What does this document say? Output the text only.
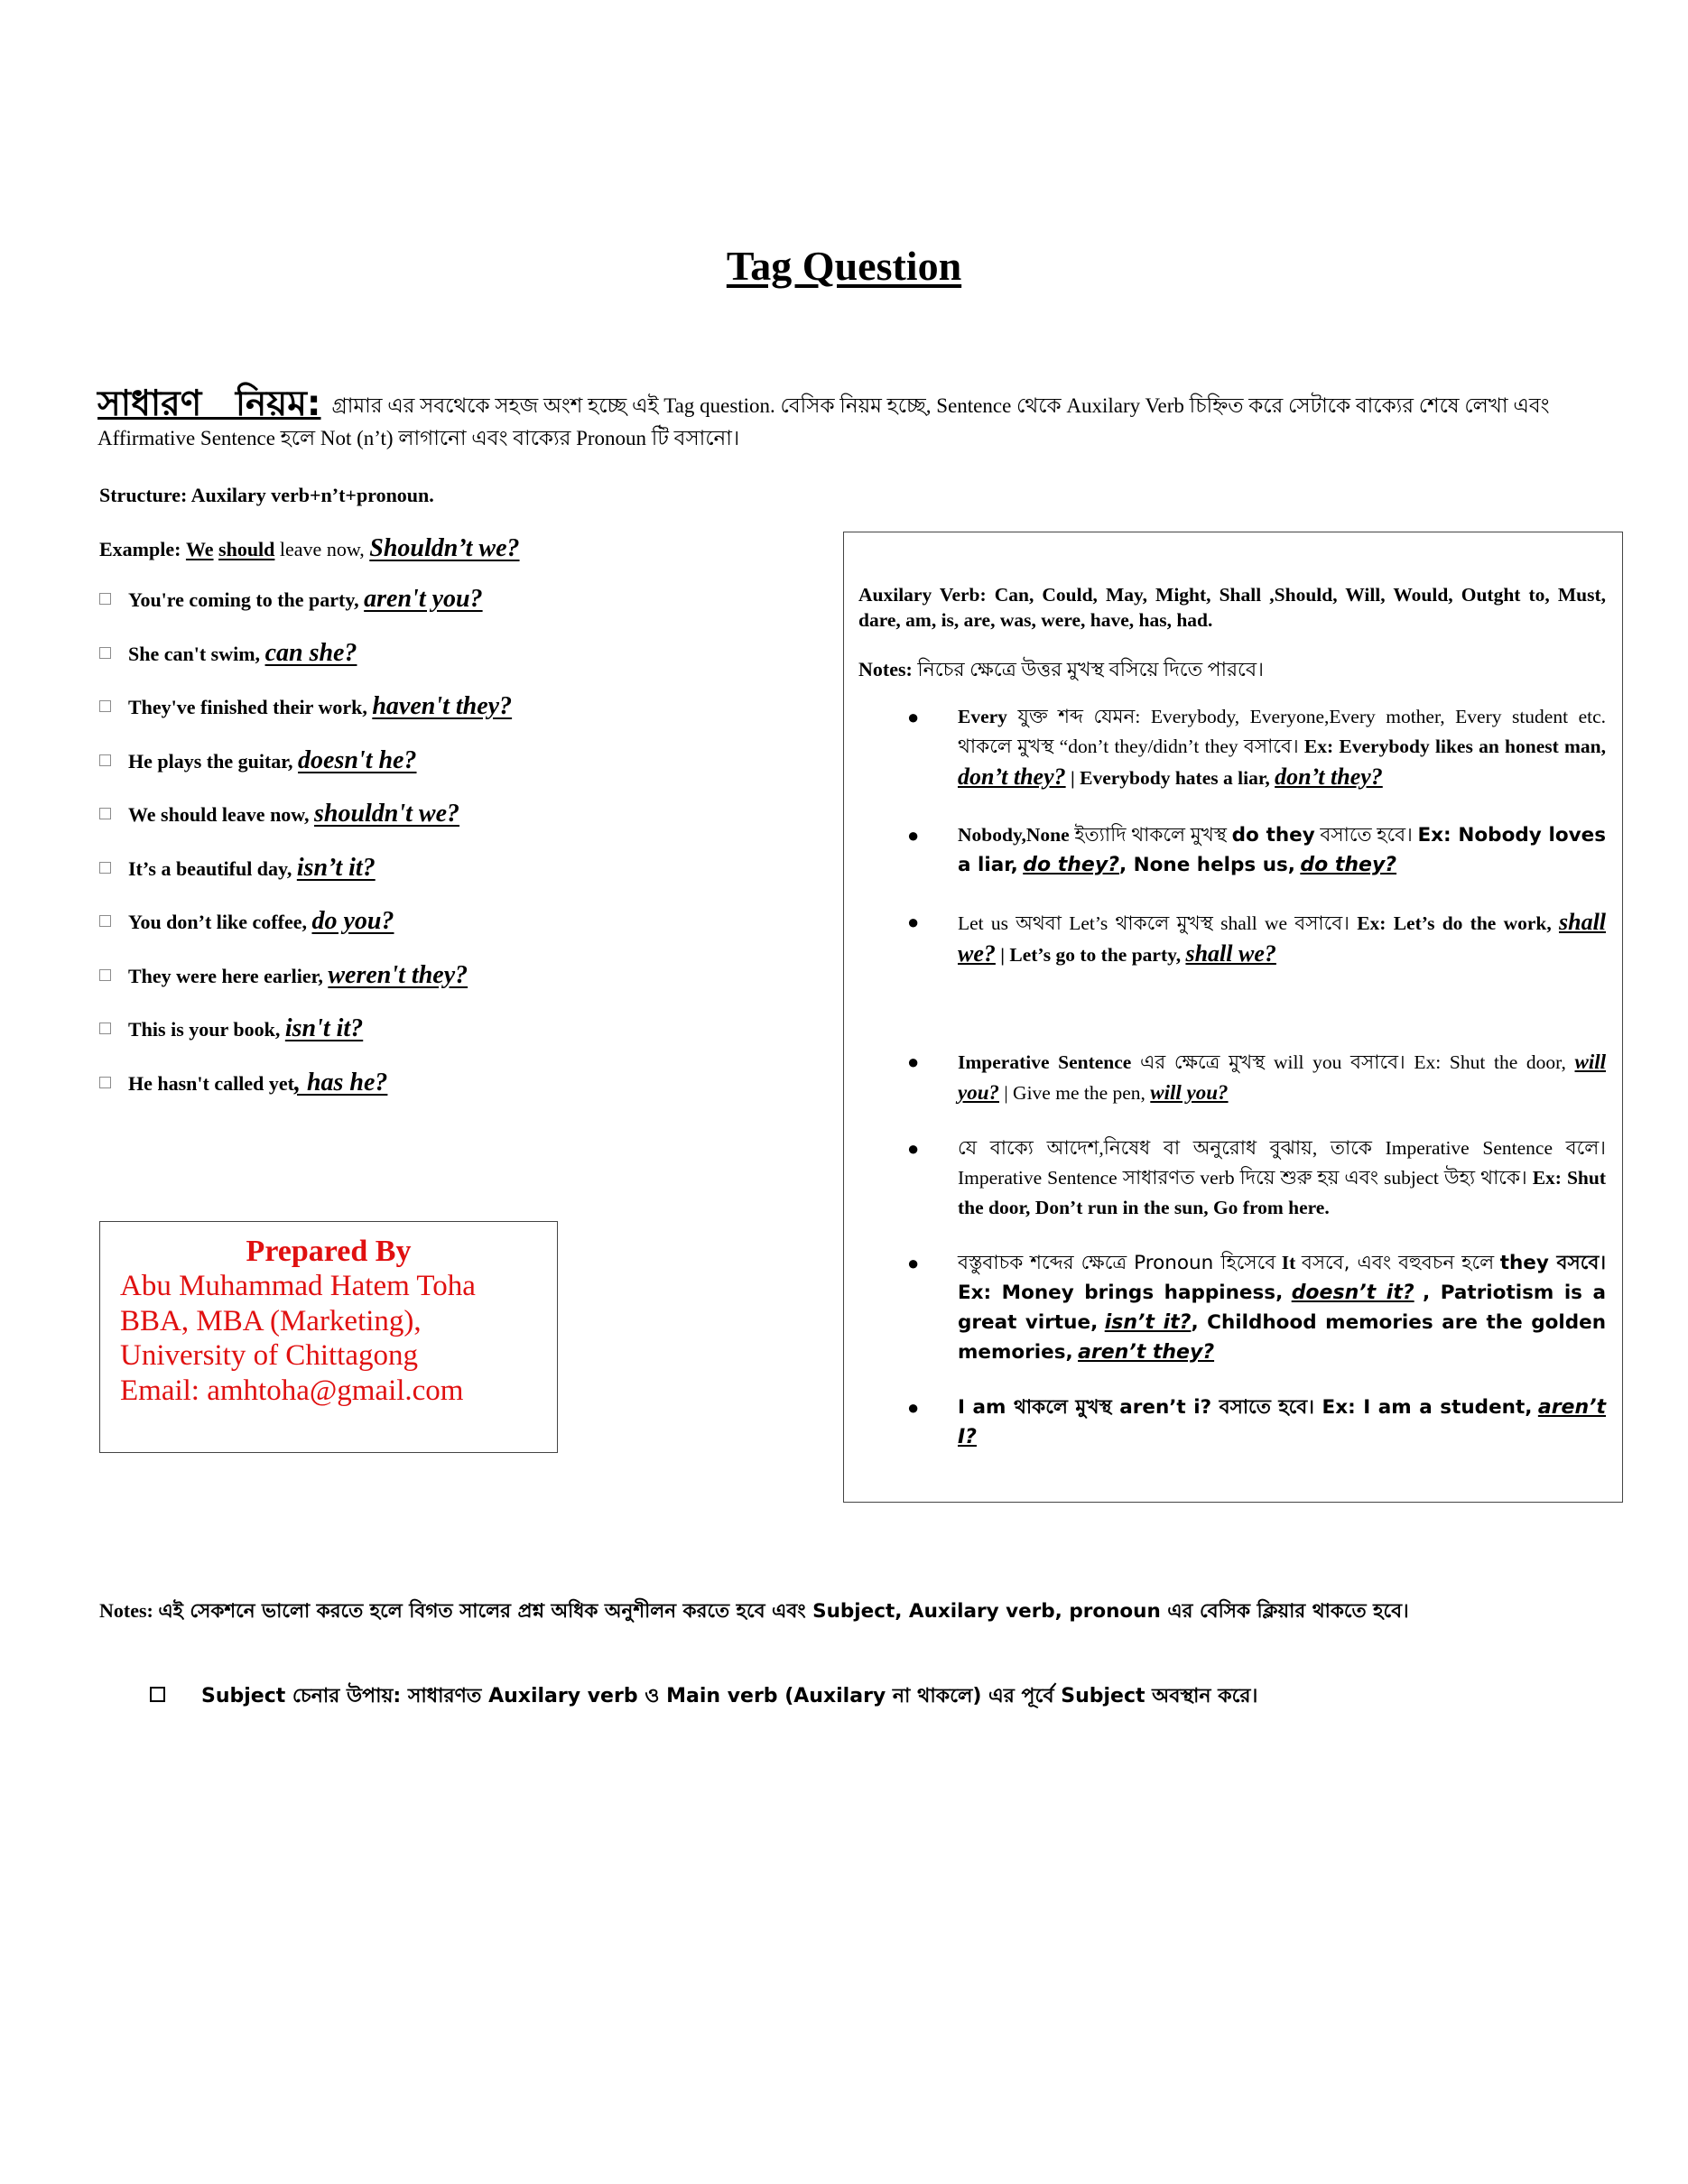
Tag Question
সাধারণ নিয়ম: গ্রামার এর সবথেকে সহজ অংশ হচ্ছে এই Tag question. বেসিক নিয়ম হচ্ছে, Sentence থেকে Auxilary Verb চিহ্নিত করে সেটাকে বাক্যের শেষে লেখা এবং Affirmative Sentence হলে Not (n’t) লাগানো এবং বাক্যের Pronoun টি বসানো।
Structure: Auxilary verb+n’t+pronoun.
Example: We should leave now, Shouldn’t we?
You're coming to the party, aren't you?
She can't swim, can she?
They've finished their work, haven't they?
He plays the guitar, doesn't he?
We should leave now, shouldn't we?
It’s a beautiful day, isn’t it?
You don’t like coffee, do you?
They were here earlier, weren't they?
This is your book, isn't it?
He hasn't called yet, has he?
Auxilary Verb: Can, Could, May, Might, Shall ,Should, Will, Would, Outght to, Must, dare, am, is, are, was, were, have, has, had.
Notes: নিচের ক্ষেত্রে উত্তর মুখস্থ বসিয়ে দিতে পারবে।
● Every যুক্ত শব্দ যেমন: Everybody, Everyone,Every mother, Every student etc. থাকলে মুখস্থ “don’t they/didn’t they বসাবে। Ex: Everybody likes an honest man, don’t they? | Everybody hates a liar, don’t they?
● Nobody,None ইত্যাদি থাকলে মুখস্থ do they বসাতে হবে। Ex: Nobody loves a liar, do they?, None helps us, do they?
● Let us অথবা Let’s থাকলে মুখস্থ shall we বসাবে। Ex: Let’s do the work, shall we? | Let’s go to the party, shall we?
● Imperative Sentence এর ক্ষেত্রে মুখস্থ will you বসাবে। Ex: Shut the door, will you? | Give me the pen, will you?
● যে বাক্যে আদেশ,নিষেধ বা অনুরোধ বুঝায়, তাকে Imperative Sentence বলে। Imperative Sentence সাধারণত verb দিয়ে শুরু হয় এবং subject উহ্য থাকে। Ex: Shut the door, Don’t run in the sun, Go from here.
● বস্তুবাচক শব্দের ক্ষেত্রে Pronoun হিসেবে It বসবে, এবং বহুবচন হলে they বসবে। Ex: Money brings happiness, doesn’t it? , Patriotism is a great virtue, isn’t it?, Childhood memories are the golden memories, aren’t they?
● I am থাকলে মুখস্থ aren’t i? বসাতে হবে। Ex: I am a student, aren’t I?
Prepared By
Abu Muhammad Hatem Toha
BBA, MBA (Marketing),
University of Chittagong
Email: amhtoha@gmail.com
Notes: এই সেকশনে ভালো করতে হলে বিগত সালের প্রশ্ন অধিক অনুশীলন করতে হবে এবং Subject, Auxilary verb, pronoun এর বেসিক ক্লিয়ার থাকতে হবে।
Subject চেনার উপায়: সাধারণত Auxilary verb ও Main verb (Auxilary না থাকলে) এর পূর্বে Subject অবস্থান করে।
